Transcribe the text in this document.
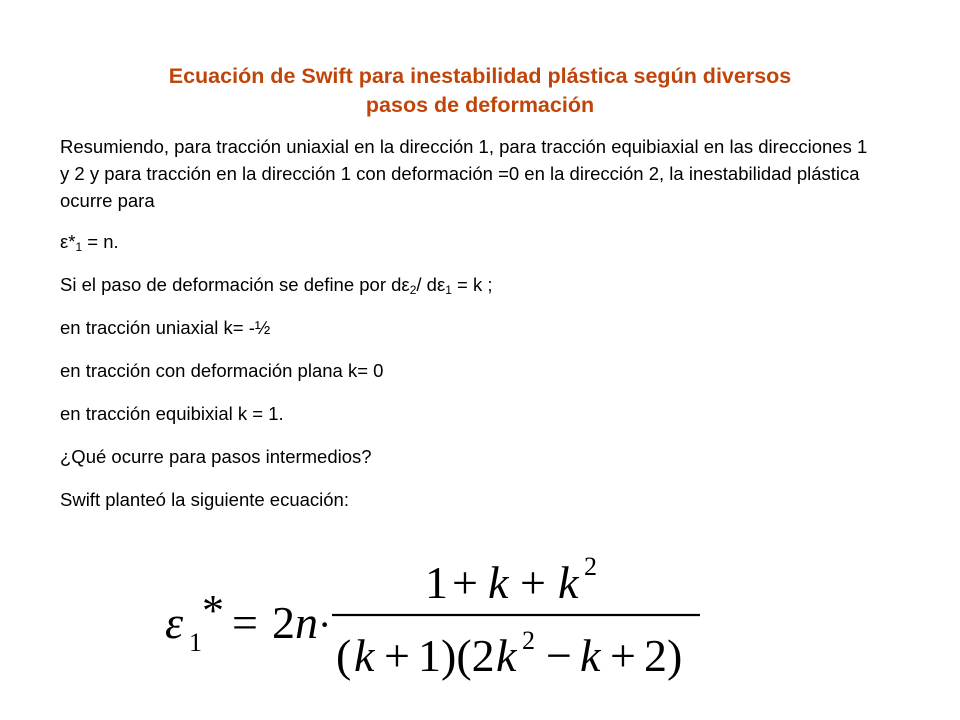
Ecuación de Swift para inestabilidad plástica según diversos
pasos de deformación

Resumiendo, para tracción uniaxial en la dirección 1, para tracción equibiaxial en las direcciones 1 y 2 y para tracción en la dirección 1 con deformación =0 en la dirección 2, la inestabilidad plástica ocurre para

$\varepsilon*_1 = n$.

Si el paso de deformación se define por $d\varepsilon_2/$ $d\varepsilon_1 = k$ ;

en tracción uniaxial k= -½

en tracción con deformación plana k= 0

en tracción equibixial k = 1.

¿Qué ocurre para pasos intermedios?

Swift planteó la siguiente ecuación:

ε 1
* = 2 n ·
1 + k + k 2
( k + 1)(2 k 2 − k + 2)
